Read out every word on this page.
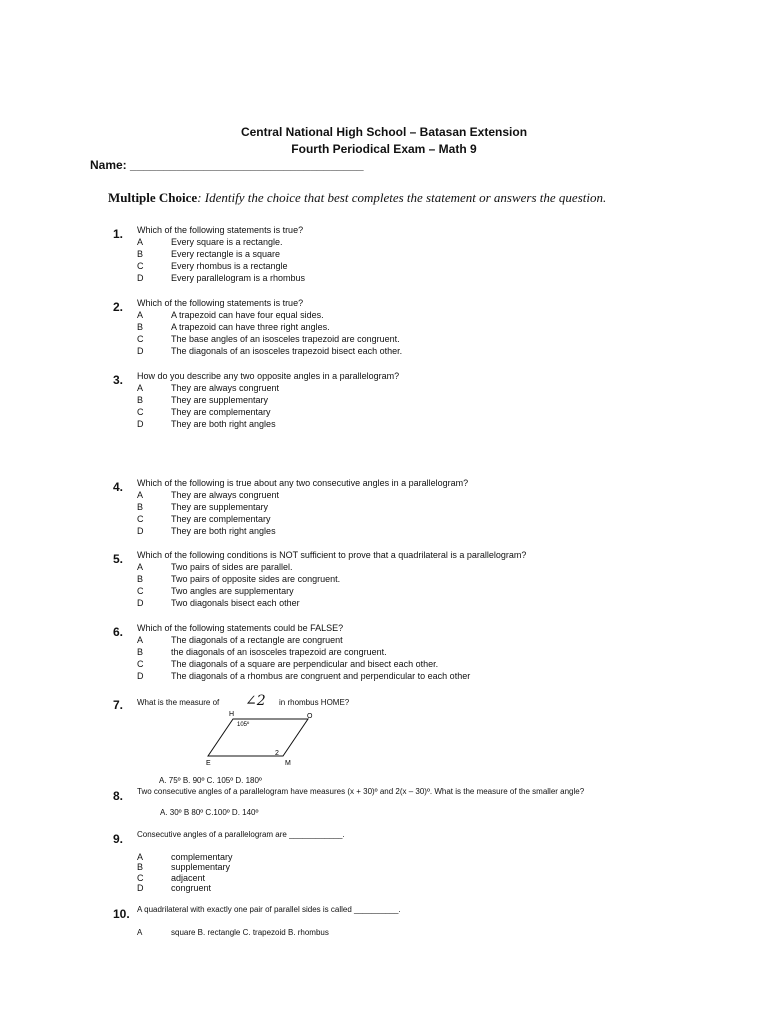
Central National High School – Batasan Extension
Fourth Periodical Exam – Math 9
Name: ___________________________________
Multiple Choice: Identify the choice that best completes the statement or answers the question.
1. Which of the following statements is true?
A	Every square is a rectangle.
B	Every rectangle is a square
C	Every rhombus is a rectangle
D	Every parallelogram is a rhombus
2. Which of the following statements is true?
A	A trapezoid can have four equal sides.
B	A trapezoid can have three right angles.
C	The base angles of an isosceles trapezoid are congruent.
D	The diagonals of an isosceles trapezoid bisect each other.
3. How do you describe any two opposite angles in a parallelogram?
A	They are always congruent
B	They are supplementary
C	They are complementary
D	They are both right angles
4. Which of the following is true about any two consecutive angles in a parallelogram?
A	They are always congruent
B	They are supplementary
C	They are complementary
D	They are both right angles
5. Which of the following conditions is NOT sufficient to prove that a quadrilateral is a parallelogram?
A	Two pairs of sides are parallel.
B	Two pairs of opposite sides are congruent.
C	Two angles are supplementary
D	Two diagonals bisect each other
6. Which of the following statements could be FALSE?
A	The diagonals of a rectangle are congruent
B	the diagonals of an isosceles trapezoid are congruent.
C	The diagonals of a square are perpendicular and bisect each other.
D	The diagonals of a rhombus are congruent and perpendicular to each other
7. What is the measure of	in rhombus HOME?
∠2
H	O
M
E
105º
2
A. 75º B. 90º C. 105º D. 180º
8. Two consecutive angles of a parallelogram have measures (x + 30)º and 2(x – 30)º. What is the measure of the smaller angle?
A. 30º B 80º C.100º D. 140º
9. Consecutive angles of a parallelogram are ____________.
A	complementary
B	supplementary
C	adjacent
D	congruent
10. A quadrilateral with exactly one pair of parallel sides is called __________.
A	square B. rectangle C. trapezoid B. rhombus
